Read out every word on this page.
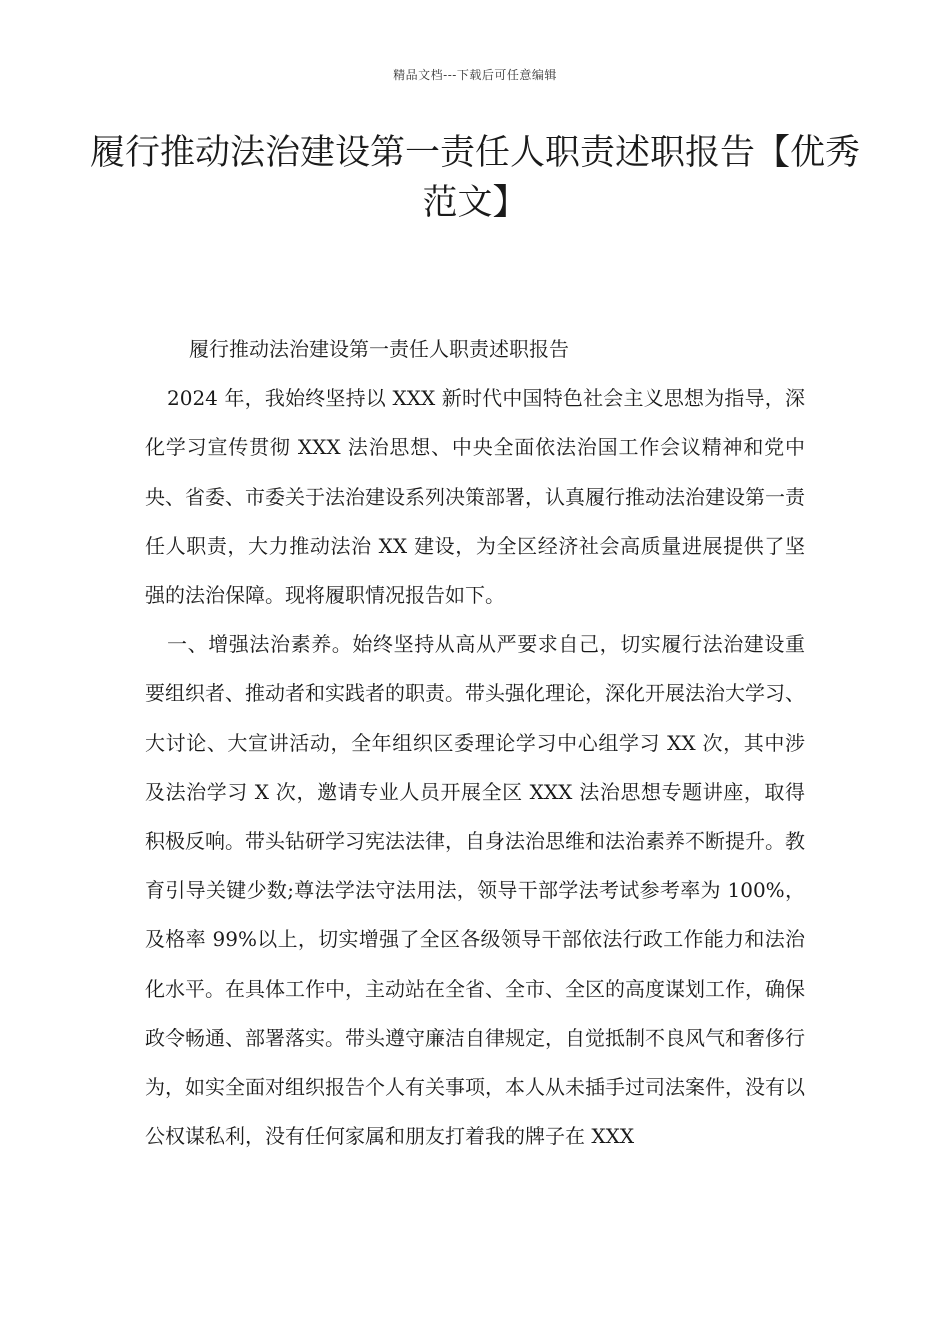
精品文档---下载后可任意编辑
履行推动法治建设第一责任人职责述职报告【优秀范文】

履行推动法治建设第一责任人职责述职报告

2024 年，我始终坚持以 XXX 新时代中国特色社会主义思想为指导，深化学习宣传贯彻 XXX 法治思想、中央全面依法治国工作会议精神和党中央、省委、市委关于法治建设系列决策部署，认真履行推动法治建设第一责任人职责，大力推动法治 XX 建设，为全区经济社会高质量进展提供了坚强的法治保障。现将履职情况报告如下。

一、增强法治素养。始终坚持从高从严要求自己，切实履行法治建设重要组织者、推动者和实践者的职责。带头强化理论，深化开展法治大学习、大讨论、大宣讲活动，全年组织区委理论学习中心组学习 XX 次，其中涉及法治学习 X 次，邀请专业人员开展全区 XXX 法治思想专题讲座，取得积极反响。带头钻研学习宪法法律，自身法治思维和法治素养不断提升。教育引导关键少数;尊法学法守法用法，领导干部学法考试参考率为 100%，及格率 99%以上，切实增强了全区各级领导干部依法行政工作能力和法治化水平。在具体工作中，主动站在全省、全市、全区的高度谋划工作，确保政令畅通、部署落实。带头遵守廉洁自律规定，自觉抵制不良风气和奢侈行为，如实全面对组织报告个人有关事项，本人从未插手过司法案件，没有以公权谋私利，没有任何家属和朋友打着我的牌子在 XXX
